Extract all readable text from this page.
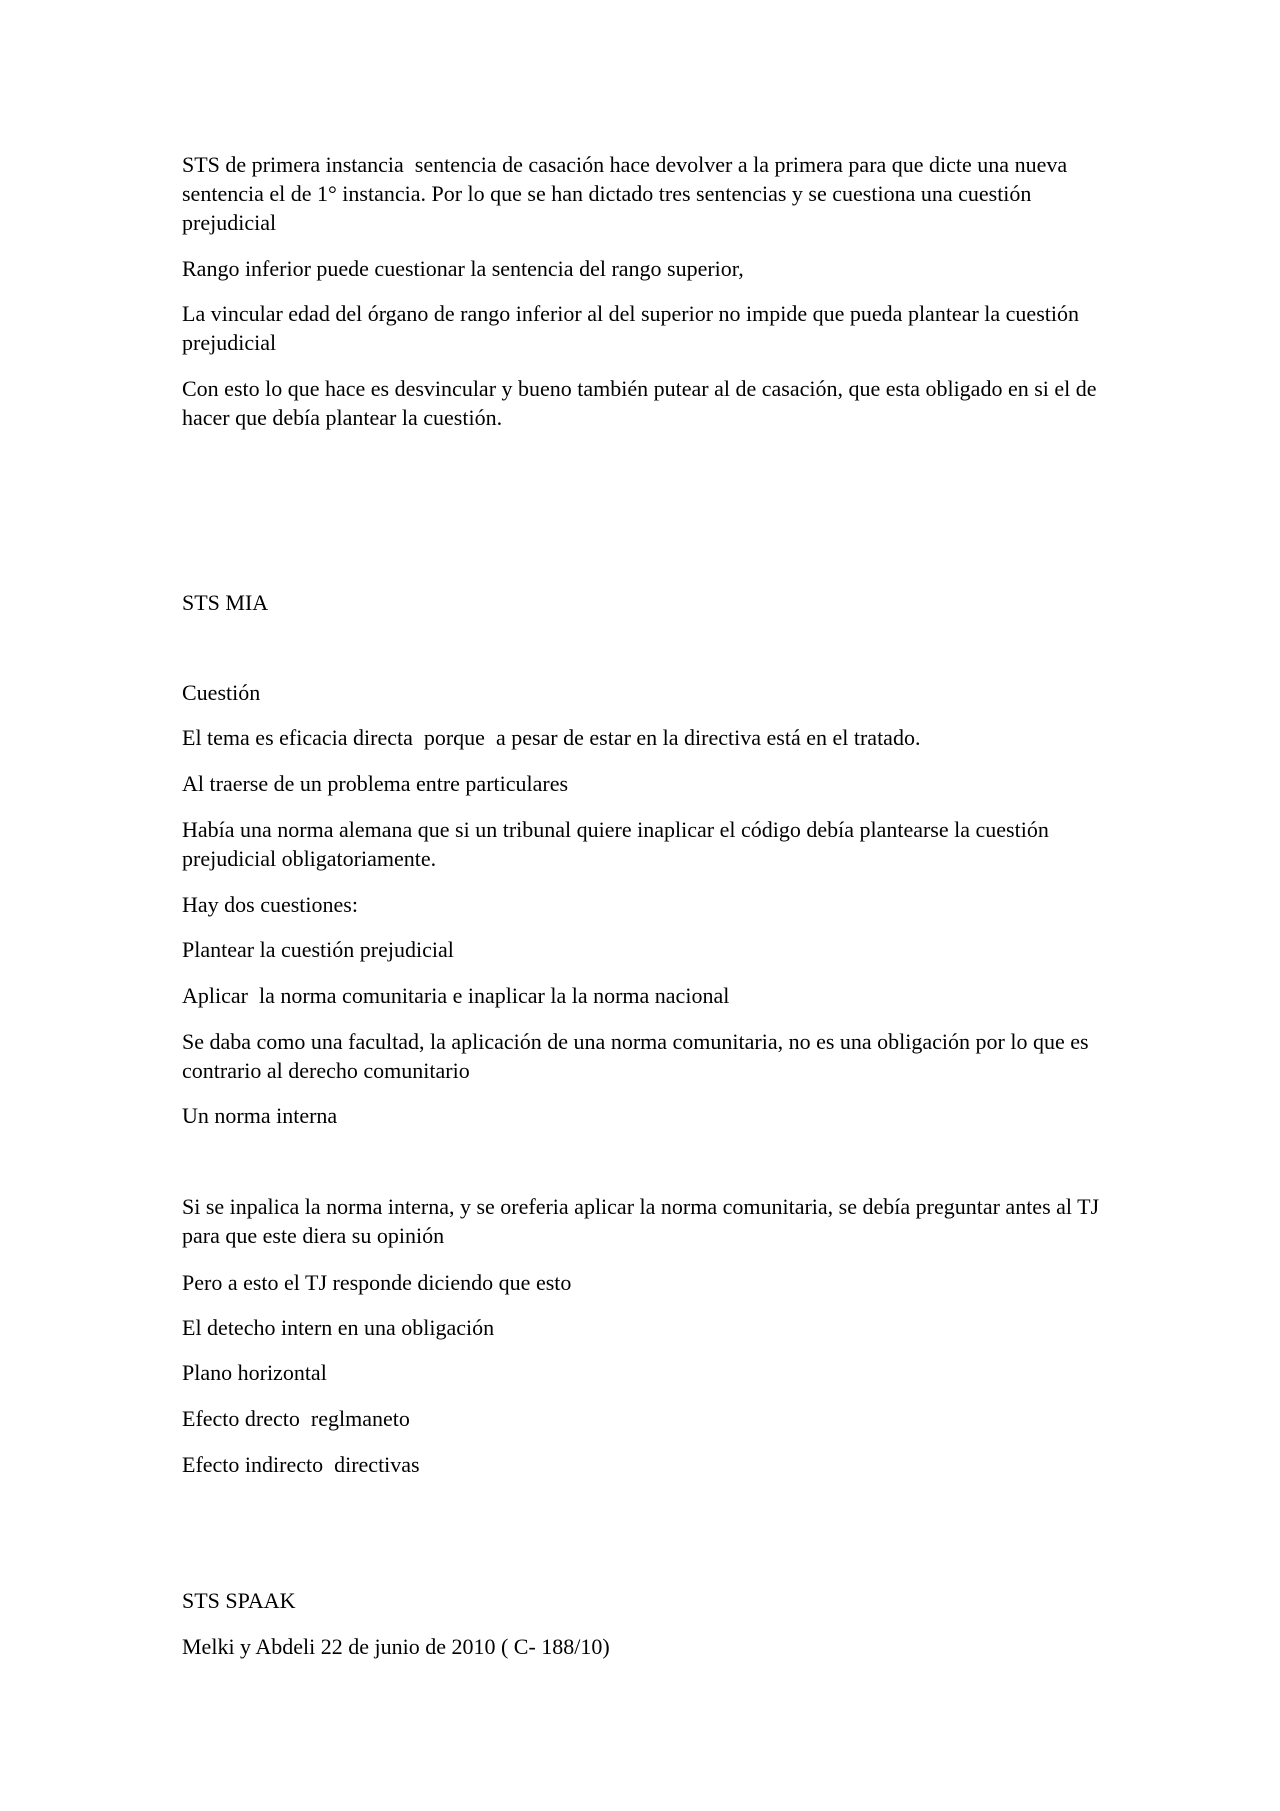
STS de primera instancia  sentencia de casación hace devolver a la primera para que dicte una nueva sentencia el de 1° instancia. Por lo que se han dictado tres sentencias y se cuestiona una cuestión prejudicial

Rango inferior puede cuestionar la sentencia del rango superior,

La vincular edad del órgano de rango inferior al del superior no impide que pueda plantear la cuestión prejudicial

Con esto lo que hace es desvincular y bueno también putear al de casación, que esta obligado en si el de hacer que debía plantear la cuestión.

STS MIA

Cuestión

El tema es eficacia directa  porque  a pesar de estar en la directiva está en el tratado.

Al traerse de un problema entre particulares

Había una norma alemana que si un tribunal quiere inaplicar el código debía plantearse la cuestión prejudicial obligatoriamente.

Hay dos cuestiones:

Plantear la cuestión prejudicial

Aplicar  la norma comunitaria e inaplicar la la norma nacional

Se daba como una facultad, la aplicación de una norma comunitaria, no es una obligación por lo que es contrario al derecho comunitario

Un norma interna

Si se inpalica la norma interna, y se oreferia aplicar la norma comunitaria, se debía preguntar antes al TJ para que este diera su opinión

Pero a esto el TJ responde diciendo que esto

El detecho intern en una obligación

Plano horizontal

Efecto drecto  reglmaneto

Efecto indirecto  directivas

STS SPAAK

Melki y Abdeli 22 de junio de 2010 ( C- 188/10)
